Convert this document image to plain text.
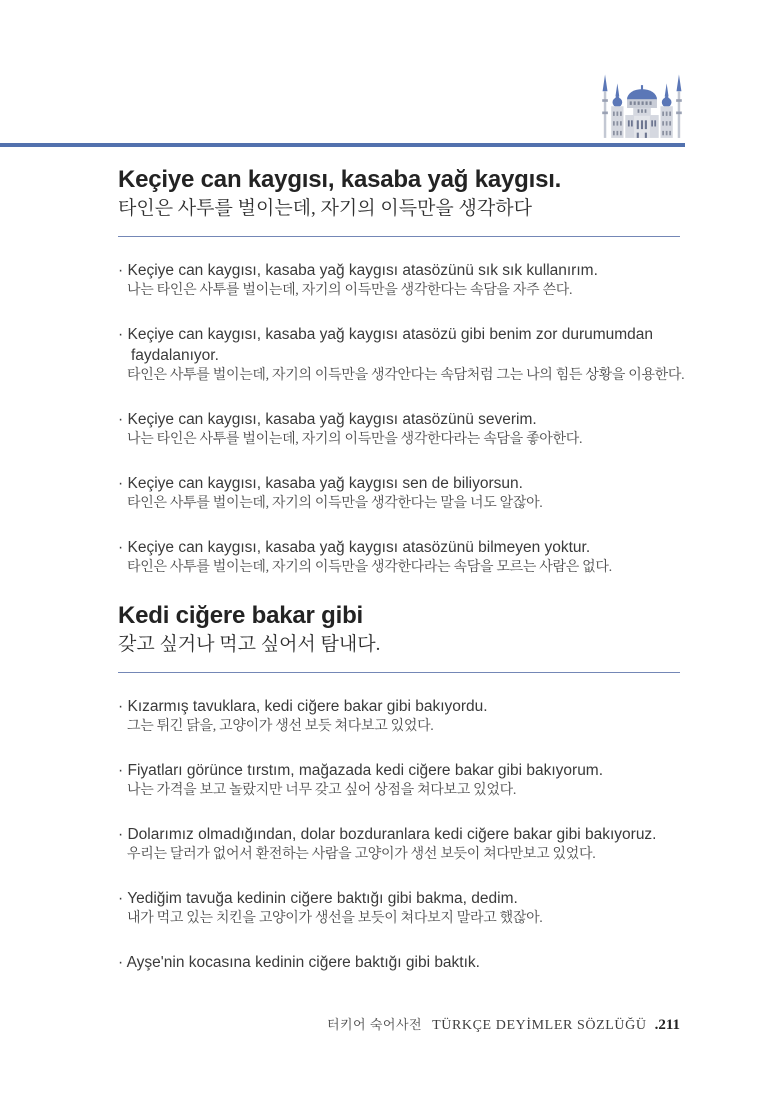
Keçiye can kaygısı, kasaba yağ kaygısı.
타인은 사투를 벌이는데, 자기의 이득만을 생각하다
· Keçiye can kaygısı, kasaba yağ kaygısı atasözünü sık sık kullanırım.
나는 타인은 사투를 벌이는데, 자기의 이득만을 생각한다는 속담을 자주 쓴다.
· Keçiye can kaygısı, kasaba yağ kaygısı atasözü gibi benim zor durumumdan faydalanıyor.
타인은 사투를 벌이는데, 자기의 이득만을 생각안다는 속담처럼 그는 나의 힘든 상황을 이용한다.
· Keçiye can kaygısı, kasaba yağ kaygısı atasözünü severim.
나는 타인은 사투를 벌이는데, 자기의 이득만을 생각한다라는 속담을 좋아한다.
· Keçiye can kaygısı, kasaba yağ kaygısı sen de biliyorsun.
타인은 사투를 벌이는데, 자기의 이득만을 생각한다는 말을 너도 알잖아.
· Keçiye can kaygısı, kasaba yağ kaygısı atasözünü bilmeyen yoktur.
타인은 사투를 벌이는데, 자기의 이득만을 생각한다라는 속담을 모르는 사람은 없다.
Kedi ciğere bakar gibi
갖고 싶거나 먹고 싶어서 탐내다.
· Kızarmış tavuklara, kedi ciğere bakar gibi bakıyordu.
그는 튀긴 닭을, 고양이가 생선 보듯 쳐다보고 있었다.
· Fiyatları görünce tırstım, mağazada kedi ciğere bakar gibi bakıyorum.
나는 가격을 보고 놀랐지만 너무 갖고 싶어 상점을 쳐다보고 있었다.
· Dolarımız olmadığından, dolar bozduranlara kedi ciğere bakar gibi bakıyoruz.
우리는 달러가 없어서 환전하는 사람을 고양이가 생선 보듯이 쳐다만보고 있었다.
· Yediğim tavuğa kedinin ciğere baktığı gibi bakma, dedim.
내가 먹고 있는 치킨을 고양이가 생선을 보듯이 쳐다보지 말라고 했잖아.
· Ayşe'nin kocasına kedinin ciğere baktığı gibi baktık.
터키어 숙어사전 TÜRKÇE DEYİMLER SÖZLÜĞÜ .211
